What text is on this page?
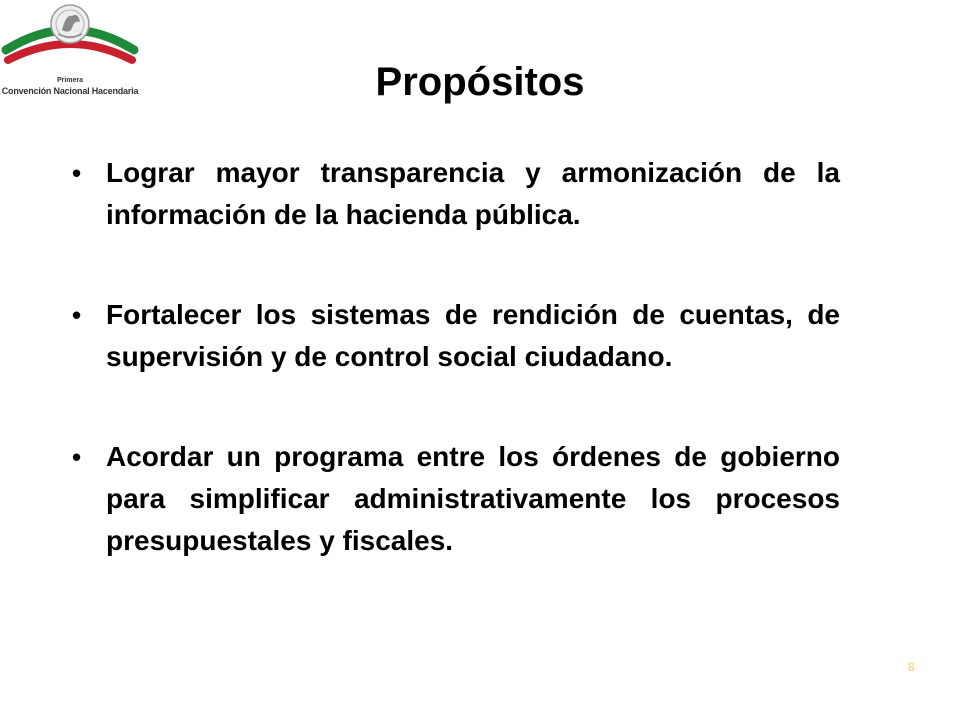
Primera
Convención Nacional Hacendaria	Propósitos
• Lograr mayor transparencia y armonización de la información de la hacienda pública.
• Fortalecer los sistemas de rendición de cuentas, de supervisión y de control social ciudadano.
• Acordar un programa entre los órdenes de gobierno para simplificar administrativamente los procesos presupuestales y fiscales.
8
